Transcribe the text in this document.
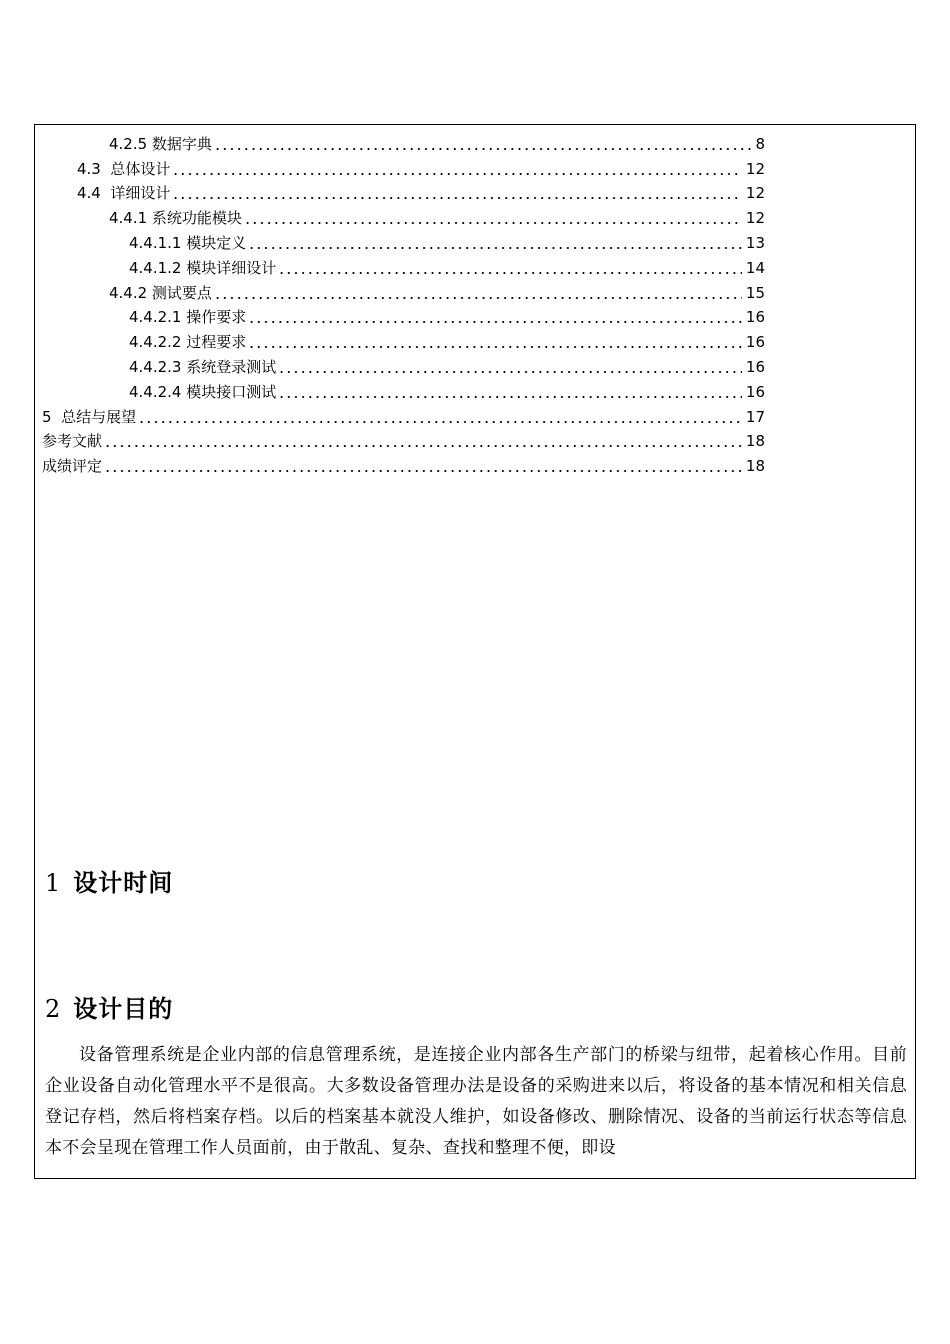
4.2.5 数据字典	8
4.3  总体设计	12
4.4  详细设计	12
4.4.1 系统功能模块	12
4.4.1.1 模块定义	13
4.4.1.2 模块详细设计	14
4.4.2 测试要点	15
4.4.2.1 操作要求	16
4.4.2.2 过程要求	16
4.4.2.3 系统登录测试	16
4.4.2.4 模块接口测试	16
5  总结与展望	17
参考文献	18
成绩评定	18
1 设计时间
2 设计目的
设备管理系统是企业内部的信息管理系统，是连接企业内部各生产部门的桥梁与纽带，起着核心作用。目前企业设备自动化管理水平不是很高。大多数设备管理办法是设备的采购进来以后，将设备的基本情况和相关信息登记存档，然后将档案存档。以后的档案基本就没人维护，如设备修改、删除情况、设备的当前运行状态等信息本不会呈现在管理工作人员面前，由于散乱、复杂、查找和整理不便，即设
